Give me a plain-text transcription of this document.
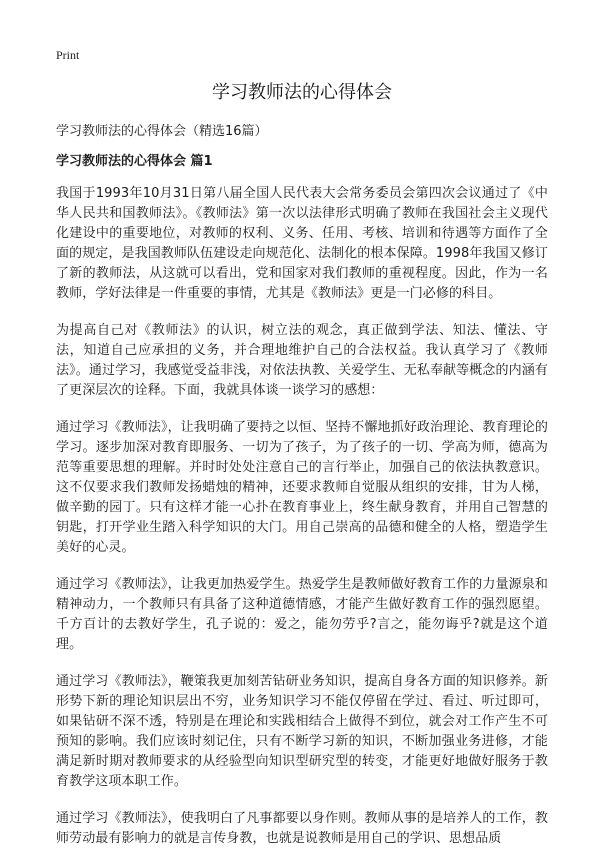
Print
学习教师法的心得体会

学习教师法的心得体会（精选16篇）

学习教师法的心得体会 篇1

我国于1993年10月31日第八届全国人民代表大会常务委员会第四次会议通过了《中华人民共和国教师法》。《教师法》第一次以法律形式明确了教师在我国社会主义现代化建设中的重要地位，对教师的权利、义务、任用、考核、培训和待遇等方面作了全面的规定，是我国教师队伍建设走向规范化、法制化的根本保障。1998年我国又修订了新的教师法，从这就可以看出，党和国家对我们教师的重视程度。因此，作为一名教师，学好法律是一件重要的事情，尤其是《教师法》更是一门必修的科目。

为提高自己对《教师法》的认识，树立法的观念，真正做到学法、知法、懂法、守法，知道自己应承担的义务，并合理地维护自己的合法权益。我认真学习了《教师法》。通过学习，我感觉受益非浅，对依法执教、关爱学生、无私奉献等概念的内涵有了更深层次的诠释。下面，我就具体谈一谈学习的感想：

通过学习《教师法》，让我明确了要持之以恒、坚持不懈地抓好政治理论、教育理论的学习。逐步加深对教育即服务、一切为了孩子，为了孩子的一切、学高为师，德高为范等重要思想的理解。并时时处处注意自己的言行举止，加强自己的依法执教意识。这不仅要求我们教师发扬蜡烛的精神，还要求教师自觉服从组织的安排，甘为人梯，做辛勤的园丁。只有这样才能一心扑在教育事业上，终生献身教育，并用自己智慧的钥匙，打开学业生踏入科学知识的大门。用自己崇高的品德和健全的人格，塑造学生美好的心灵。

通过学习《教师法》，让我更加热爱学生。热爱学生是教师做好教育工作的力量源泉和精神动力，一个教师只有具备了这种道德情感，才能产生做好教育工作的强烈愿望。千方百计的去教好学生，孔子说的：爱之，能勿劳乎?言之，能勿诲乎?就是这个道理。

通过学习《教师法》，鞭策我更加刻苦钻研业务知识，提高自身各方面的知识修养。新形势下新的理论知识层出不穷，业务知识学习不能仅停留在学过、看过、听过即可，如果钻研不深不透，特别是在理论和实践相结合上做得不到位，就会对工作产生不可预知的影响。我们应该时刻记住，只有不断学习新的知识，不断加强业务进修，才能满足新时期对教师要求的从经验型向知识型研究型的转变，才能更好地做好服务于教育教学这项本职工作。

通过学习《教师法》，使我明白了凡事都要以身作则。教师从事的是培养人的工作，教师劳动最有影响力的就是言传身教，也就是说教师是用自己的学识、思想品质
